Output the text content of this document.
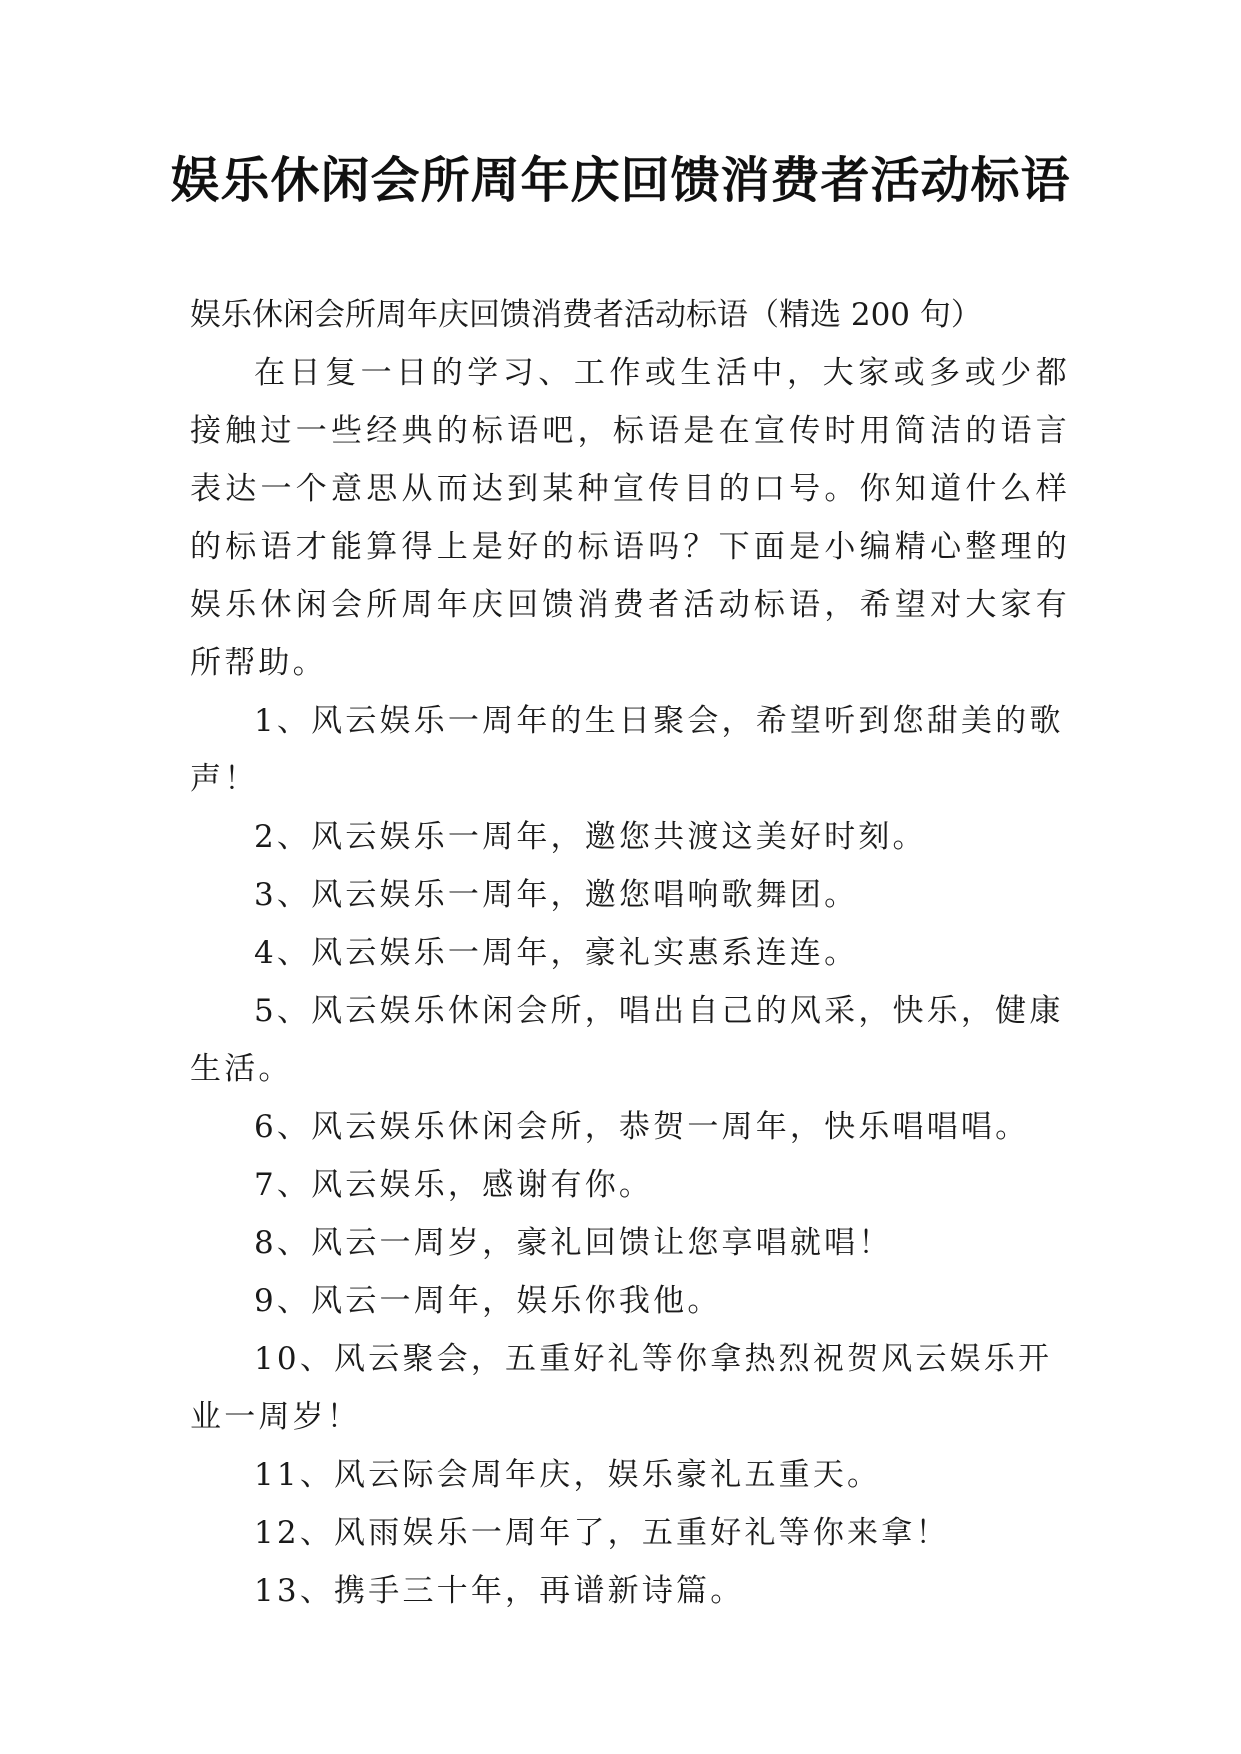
娱乐休闲会所周年庆回馈消费者活动标语

娱乐休闲会所周年庆回馈消费者活动标语（精选 200 句）

在日复一日的学习、工作或生活中，大家或多或少都接触过一些经典的标语吧，标语是在宣传时用简洁的语言表达一个意思从而达到某种宣传目的口号。你知道什么样的标语才能算得上是好的标语吗？下面是小编精心整理的娱乐休闲会所周年庆回馈消费者活动标语，希望对大家有所帮助。

1、风云娱乐一周年的生日聚会，希望听到您甜美的歌声！

2、风云娱乐一周年，邀您共渡这美好时刻。

3、风云娱乐一周年，邀您唱响歌舞团。

4、风云娱乐一周年，豪礼实惠系连连。

5、风云娱乐休闲会所，唱出自己的风采，快乐，健康生活。

6、风云娱乐休闲会所，恭贺一周年，快乐唱唱唱。

7、风云娱乐，感谢有你。

8、风云一周岁，豪礼回馈让您享唱就唱！

9、风云一周年，娱乐你我他。

10、风云聚会，五重好礼等你拿热烈祝贺风云娱乐开业一周岁！

11、风云际会周年庆，娱乐豪礼五重天。

12、风雨娱乐一周年了，五重好礼等你来拿！

13、携手三十年，再谱新诗篇。
